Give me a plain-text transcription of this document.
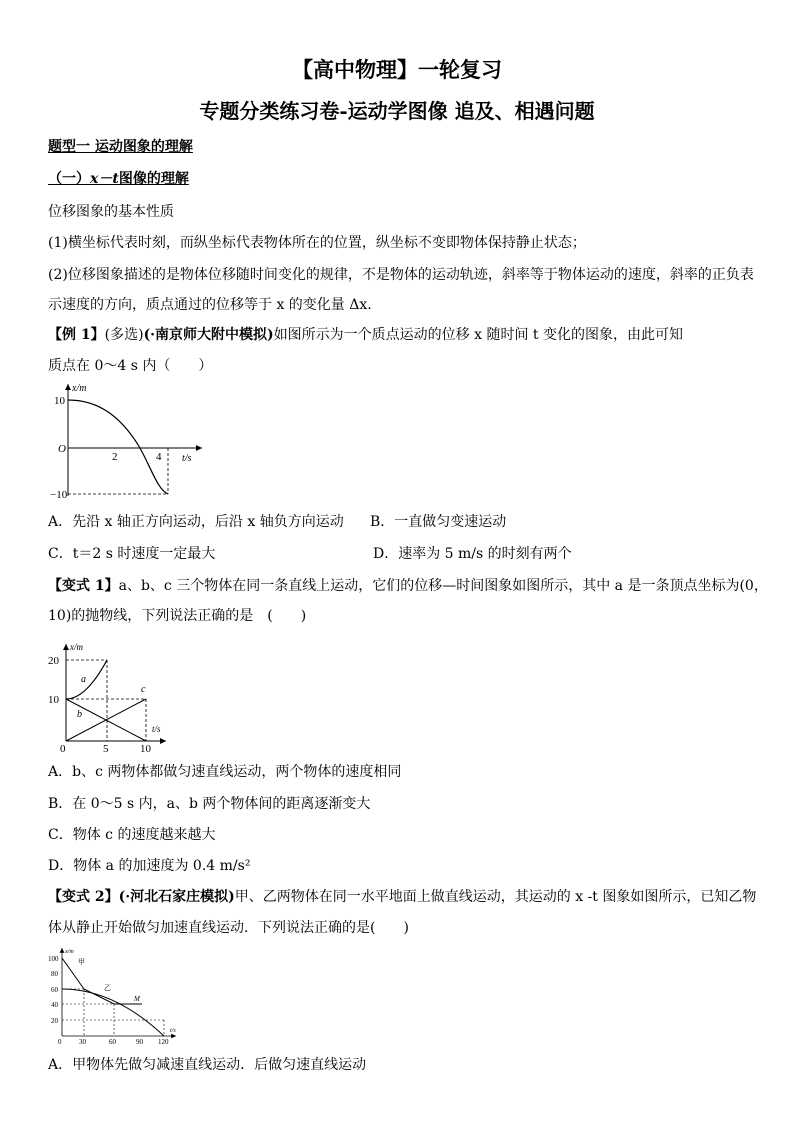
【高中物理】一轮复习
专题分类练习卷-运动学图像 追及、相遇问题
题型一 运动图象的理解
（一）x－t图像的理解
位移图象的基本性质
(1)横坐标代表时刻，而纵坐标代表物体所在的位置，纵坐标不变即物体保持静止状态；
(2)位移图象描述的是物体位移随时间变化的规律，不是物体的运动轨迹，斜率等于物体运动的速度，斜率的正负表
示速度的方向，质点通过的位移等于 x 的变化量 Δx.
【例 1】(多选)(·南京师大附中模拟)如图所示为一个质点运动的位移 x 随时间 t 变化的图象，由此可知
质点在 0～4 s 内（　　）
x/m
t/s
O
10
−10
2	4
A．先沿 x 轴正方向运动，后沿 x 轴负方向运动 B．一直做匀变速运动
C．t＝2 s 时速度一定最大	D．速率为 5 m/s 的时刻有两个
【变式 1】a、b、c 三个物体在同一条直线上运动，它们的位移—时间图象如图所示，其中 a 是一条顶点坐标为(0，
10)的抛物线，下列说法正确的是　(　　)
x/m
t/s
20
10
0	5	10
a
b
c
A．b、c 两物体都做匀速直线运动，两个物体的速度相同
B．在 0～5 s 内，a、b 两个物体间的距离逐渐变大
C．物体 c 的速度越来越大
D．物体 a 的加速度为 0.4 m/s²
【变式 2】(·河北石家庄模拟)甲、乙两物体在同一水平地面上做直线运动，其运动的 x -t 图象如图所示，已知乙物
体从静止开始做匀加速直线运动．下列说法正确的是(　　)
x/m
t/s
100
80
60
40
20
0	30	60	90 120
甲
乙
M
A．甲物体先做匀减速直线运动．后做匀速直线运动
